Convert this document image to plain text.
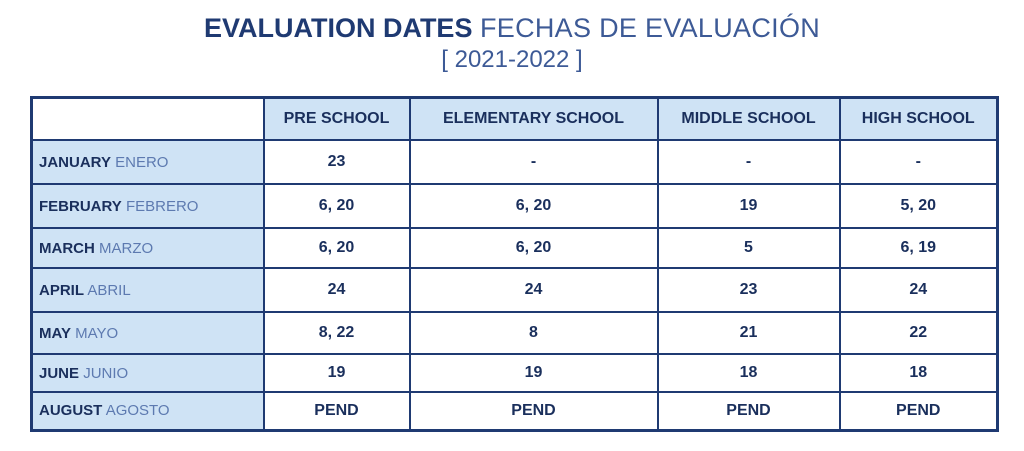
EVALUATION DATES FECHAS DE EVALUACIÓN
[ 2021-2022 ]
	PRE SCHOOL	ELEMENTARY SCHOOL	MIDDLE SCHOOL	HIGH SCHOOL
JANUARY ENERO	23	-	-	-
FEBRUARY FEBRERO	6, 20	6, 20	19	5, 20
MARCH MARZO	6, 20	6, 20	5	6, 19
APRIL ABRIL	24	24	23	24
MAY MAYO	8, 22	8	21	22
JUNE JUNIO	19	19	18	18
AUGUST AGOSTO	PEND	PEND	PEND	PEND
